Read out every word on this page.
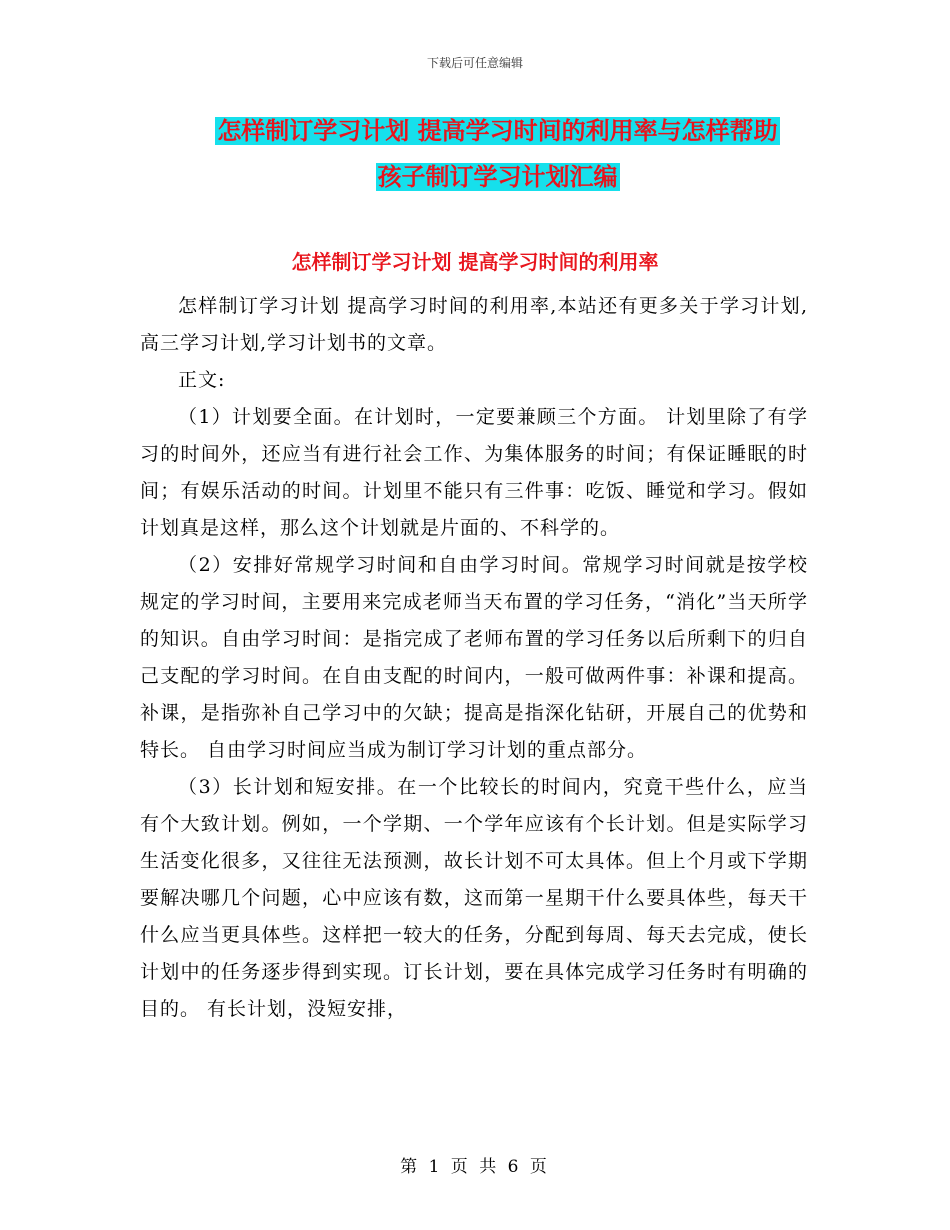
下载后可任意编辑
怎样制订学习计划 提高学习时间的利用率与怎样帮助
孩子制订学习计划汇编
怎样制订学习计划 提高学习时间的利用率

怎样制订学习计划 提高学习时间的利用率,本站还有更多关于学习计划,高三学习计划,学习计划书的文章。

正文:

（1）计划要全面。在计划时，一定要兼顾三个方面。 计划里除了有学习的时间外，还应当有进行社会工作、为集体服务的时间；有保证睡眠的时间；有娱乐活动的时间。计划里不能只有三件事：吃饭、睡觉和学习。假如计划真是这样，那么这个计划就是片面的、不科学的。

（2）安排好常规学习时间和自由学习时间。常规学习时间就是按学校规定的学习时间，主要用来完成老师当天布置的学习任务，“消化”当天所学的知识。自由学习时间：是指完成了老师布置的学习任务以后所剩下的归自己支配的学习时间。在自由支配的时间内，一般可做两件事：补课和提高。补课，是指弥补自己学习中的欠缺；提高是指深化钻研，开展自己的优势和特长。 自由学习时间应当成为制订学习计划的重点部分。

（3）长计划和短安排。在一个比较长的时间内，究竟干些什么，应当有个大致计划。例如，一个学期、一个学年应该有个长计划。但是实际学习生活变化很多，又往往无法预测，故长计划不可太具体。但上个月或下学期要解决哪几个问题，心中应该有数，这而第一星期干什么要具体些，每天干什么应当更具体些。这样把一较大的任务，分配到每周、每天去完成，使长计划中的任务逐步得到实现。订长计划，要在具体完成学习任务时有明确的目的。 有长计划，没短安排，

第 1 页 共 6 页
